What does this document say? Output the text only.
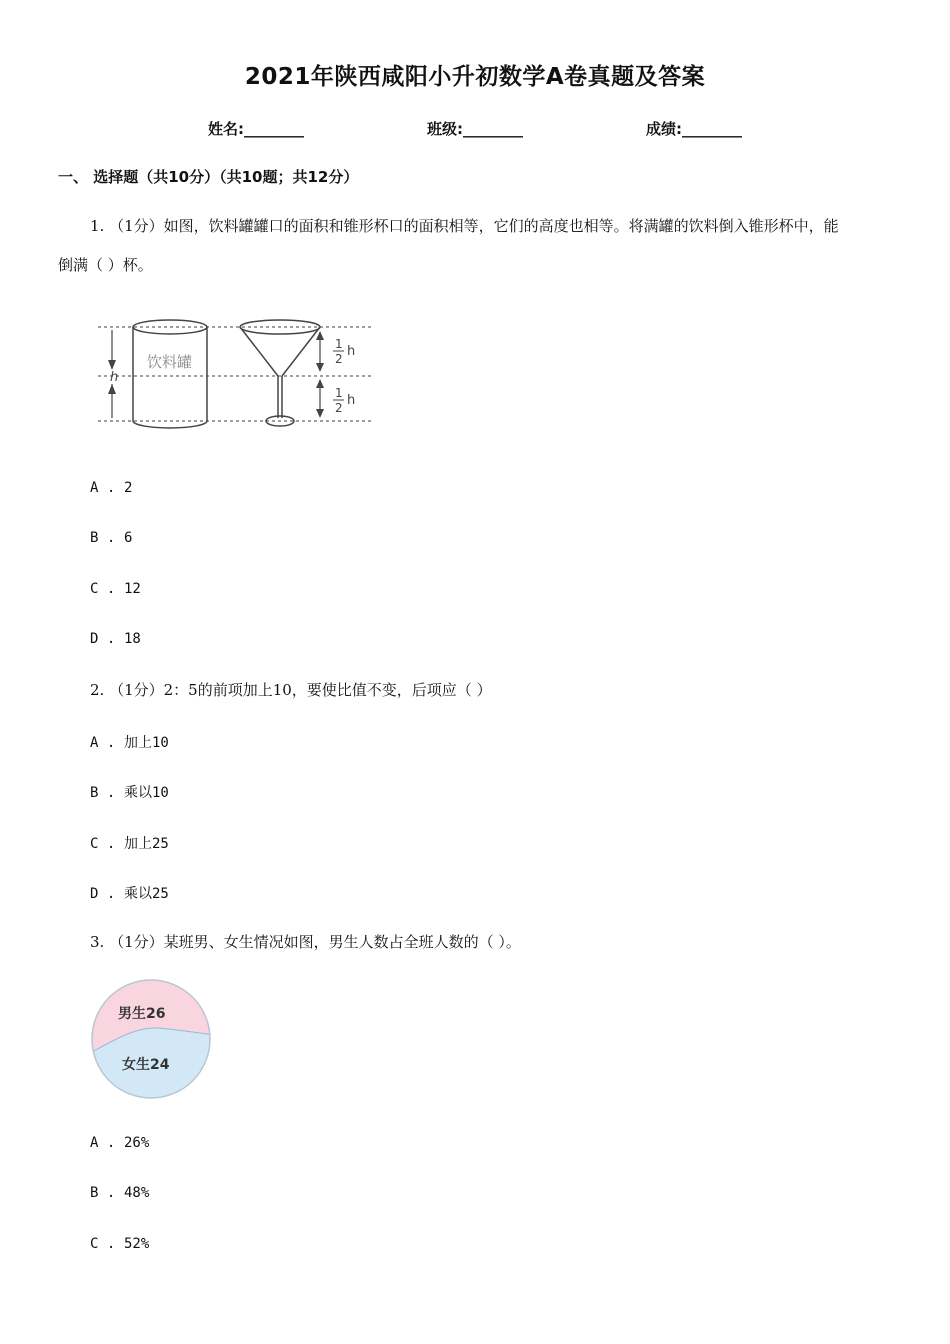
2021年陕西咸阳小升初数学A卷真题及答案
姓名:________	班级:________	成绩:________
一、 选择题（共10分）（共10题；共12分）
1. （1分）如图，饮料罐罐口的面积和锥形杯口的面积相等，它们的高度也相等。将满罐的饮料倒入锥形杯中，能
倒满（ ）杯。
h
饮料罐
1
2 h
1
2 h
A . 2
B . 6
C . 12
D . 18
2. （1分）2：5的前项加上10，要使比值不变，后项应（ ）
A . 加上10
B . 乘以10
C . 加上25
D . 乘以25
3. （1分）某班男、女生情况如图，男生人数占全班人数的（ ）。
男生26
女生24
A . 26%
B . 48%
C . 52%
